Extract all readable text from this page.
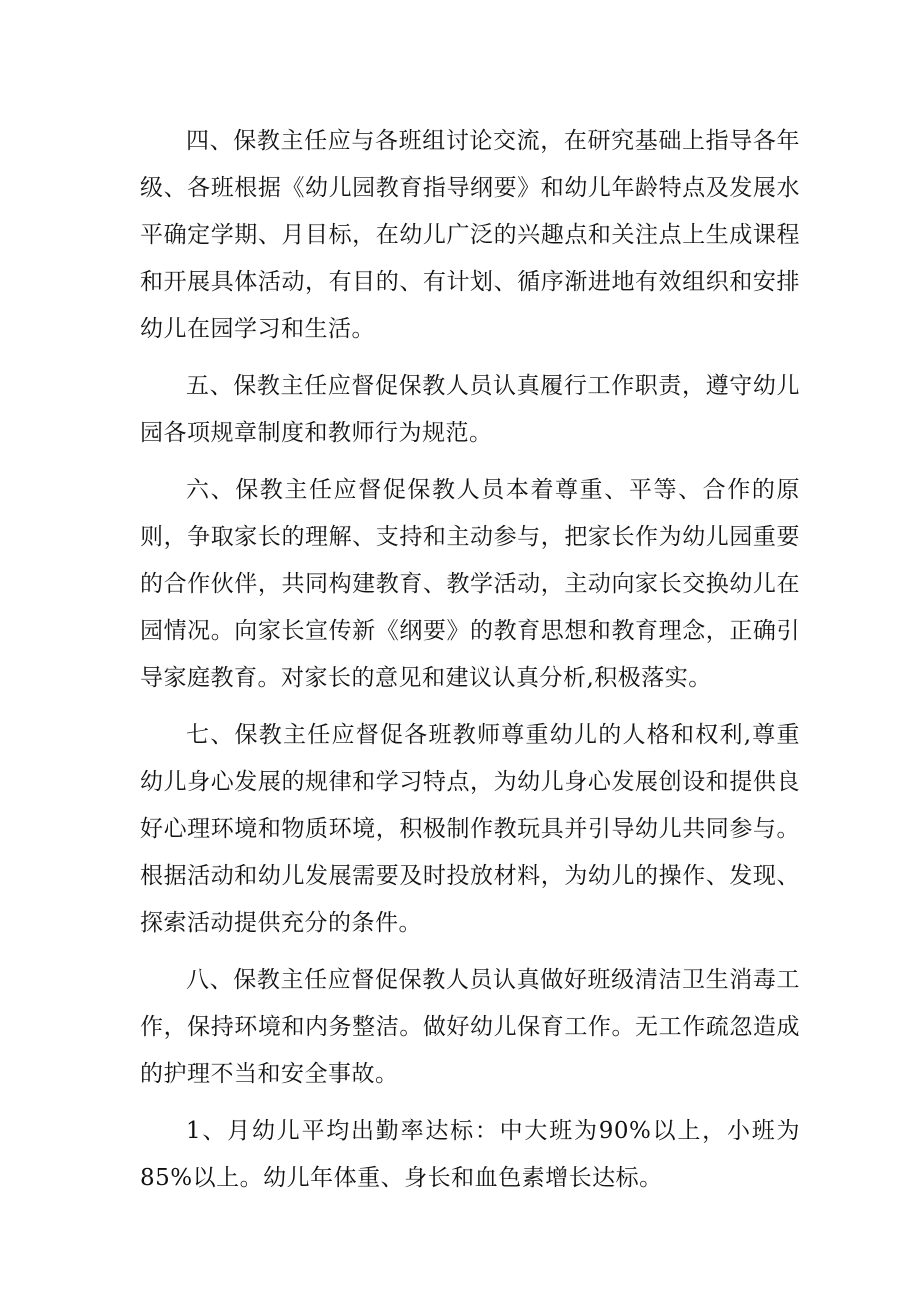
四、保教主任应与各班组讨论交流，在研究基础上指导各年级、各班根据《幼儿园教育指导纲要》和幼儿年龄特点及发展水平确定学期、月目标，在幼儿广泛的兴趣点和关注点上生成课程和开展具体活动，有目的、有计划、循序渐进地有效组织和安排幼儿在园学习和生活。

五、保教主任应督促保教人员认真履行工作职责，遵守幼儿园各项规章制度和教师行为规范。

六、保教主任应督促保教人员本着尊重、平等、合作的原则，争取家长的理解、支持和主动参与，把家长作为幼儿园重要的合作伙伴，共同构建教育、教学活动，主动向家长交换幼儿在园情况。向家长宣传新《纲要》的教育思想和教育理念，正确引导家庭教育。对家长的意见和建议认真分析,积极落实。

七、保教主任应督促各班教师尊重幼儿的人格和权利,尊重幼儿身心发展的规律和学习特点，为幼儿身心发展创设和提供良好心理环境和物质环境，积极制作教玩具并引导幼儿共同参与。根据活动和幼儿发展需要及时投放材料，为幼儿的操作、发现、探索活动提供充分的条件。

八、保教主任应督促保教人员认真做好班级清洁卫生消毒工作，保持环境和内务整洁。做好幼儿保育工作。无工作疏忽造成的护理不当和安全事故。

1、月幼儿平均出勤率达标：中大班为90%以上，小班为85%以上。幼儿年体重、身长和血色素增长达标。
